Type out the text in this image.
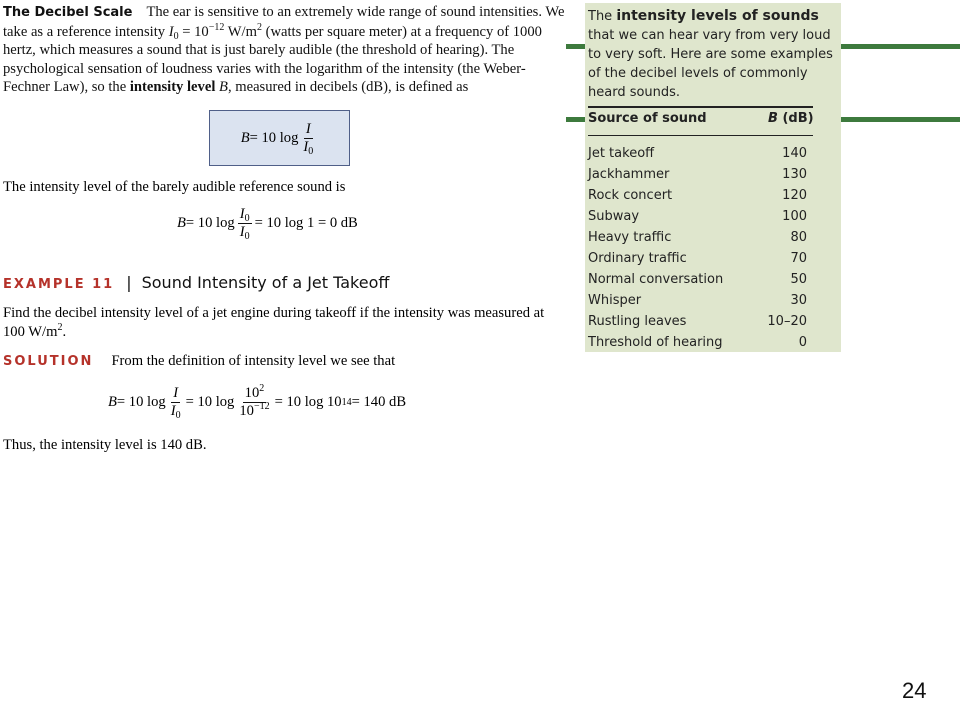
The Decibel Scale The ear is sensitive to an extremely wide range of sound intensities. We take as a reference intensity $I_0 = 10^{-12}$ $W/m^2$ (watts per square meter) at a frequency of 1000 hertz, which measures a sound that is just barely audible (the threshold of hearing). The psychological sensation of loudness varies with the logarithm of the intensity (the Weber-Fechner Law), so the intensity level B, measured in decibels (dB), is defined as

B = 10 $\log \frac{I}{I_0}$
The intensity level of the barely audible reference sound is
B = 10 $\log \frac{I_0}{I_0} = 10$ log 1 = 0 dB
EXAMPLE 11 | Sound Intensity of a Jet Takeoff
Find the decibel intensity level of a jet engine during takeoff if the intensity was measured at 100 $W/m^2$.
SOLUTION From the definition of intensity level we see that
B = 10 $\log \frac{I}{I_0} = 10$ $\log \frac{10^2}{10^{-12}} = 10$ log 10 14 = 140 dB
Thus, the intensity level is 140 dB.
The intensity levels of sounds that we can hear vary from very loud to very soft. Here are some examples of the decibel levels of commonly heard sounds.
Source of sound	B (dB)
Jet takeoff	140
Jackhammer	130
Rock concert	120
Subway	100
Heavy traffic	80
Ordinary traffic	70
Normal conversation	50
Whisper	30
Rustling leaves	10–20
Threshold of hearing	0
24
